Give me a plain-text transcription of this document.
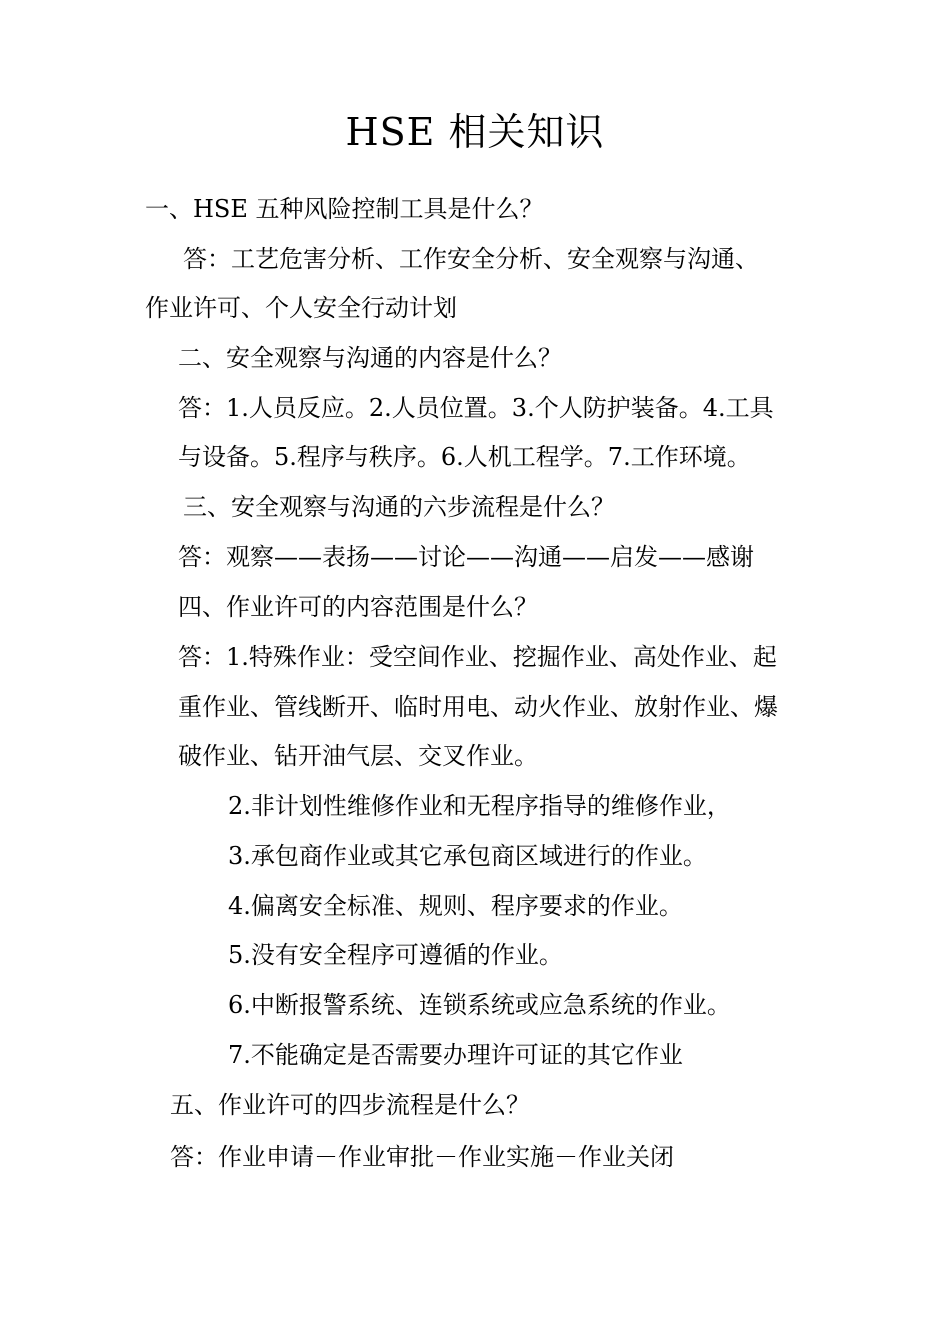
HSE 相关知识

一、HSE 五种风险控制工具是什么？

答：工艺危害分析、工作安全分析、安全观察与沟通、

作业许可、个人安全行动计划

二、安全观察与沟通的内容是什么？

答：1.人员反应。2.人员位置。3.个人防护装备。4.工具

与设备。5.程序与秩序。6.人机工程学。7.工作环境。

三、安全观察与沟通的六步流程是什么？

答：观察——表扬——讨论——沟通——启发——感谢

四、作业许可的内容范围是什么？

答：1.特殊作业：受空间作业、挖掘作业、高处作业、起

重作业、管线断开、临时用电、动火作业、放射作业、爆

破作业、钻开油气层、交叉作业。

2.非计划性维修作业和无程序指导的维修作业，

3.承包商作业或其它承包商区域进行的作业。

4.偏离安全标准、规则、程序要求的作业。

5.没有安全程序可遵循的作业。

6.中断报警系统、连锁系统或应急系统的作业。

7.不能确定是否需要办理许可证的其它作业

五、作业许可的四步流程是什么？

答：作业申请－作业审批－作业实施－作业关闭
